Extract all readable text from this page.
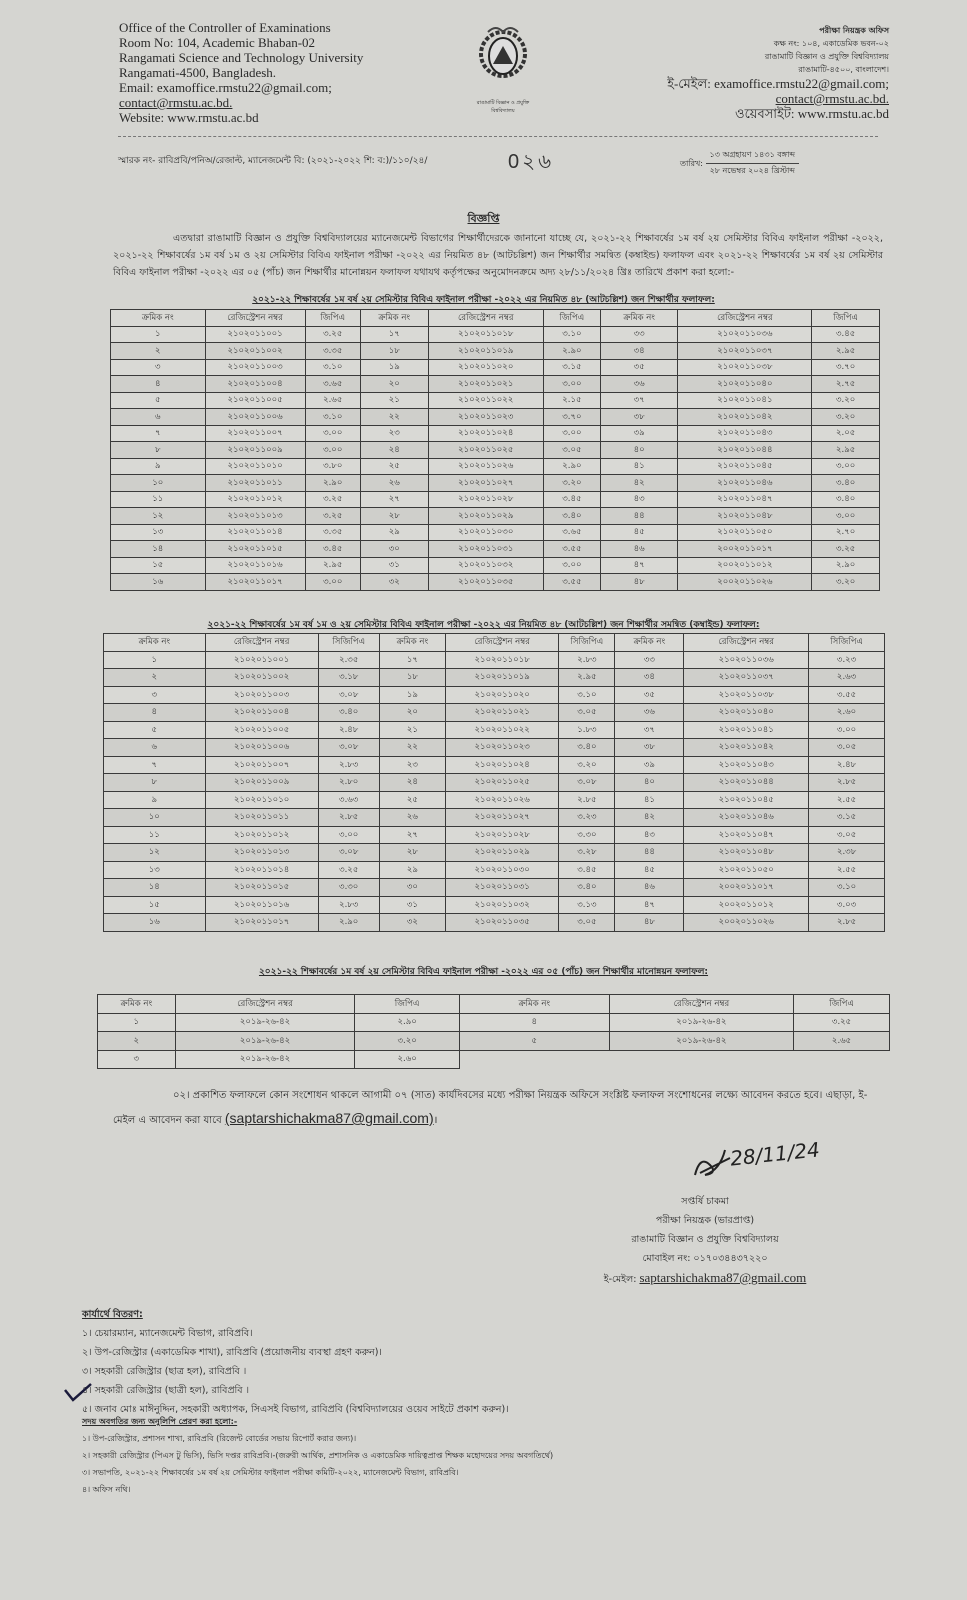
Office of the Controller of Examinations
Room No: 104, Academic Bhaban-02
Rangamati Science and Technology University
Rangamati-4500, Bangladesh.
Email: examoffice.rmstu22@gmail.com;
contact@rmstu.ac.bd.
Website: www.rmstu.ac.bd
রাঙামাটি বিজ্ঞান ও প্রযুক্তি বিশ্ববিদ্যালয়
পরীক্ষা নিয়ন্ত্রক অফিস
কক্ষ নং: ১০৪, একাডেমিক ভবন-০২
রাঙামাটি বিজ্ঞান ও প্রযুক্তি বিশ্ববিদ্যালয়
রাঙামাটি-৪৫০০, বাংলাদেশ।
ই-মেইল: examoffice.rmstu22@gmail.com;
contact@rmstu.ac.bd.
ওয়েবসাইট: www.rmstu.ac.bd
স্মারক নং- রাবিপ্রবি/পনিঅ/রেজাল্ট, ম্যানেজমেন্ট বি: (২০২১-২০২২ শি: ব:)/১১০/২৪/	0২৬	তারিখ: $\frac{\text{১৩ অগ্রহায়ণ ১৪৩১ বঙ্গাব্দ}}{\text{২৮ নভেম্বর ২০২৪ খ্রিস্টাব্দ}}$
বিজ্ঞপ্তি
এতদ্বারা রাঙামাটি বিজ্ঞান ও প্রযুক্তি বিশ্ববিদ্যালয়ের ম্যানেজমেন্ট বিভাগের শিক্ষার্থীদেরকে জানানো যাচ্ছে যে, ২০২১-২২ শিক্ষাবর্ষের ১ম বর্ষ ২য় সেমিস্টার বিবিএ ফাইনাল পরীক্ষা -২০২২, ২০২১-২২ শিক্ষাবর্ষের ১ম বর্ষ ১ম ও ২য় সেমিস্টার বিবিএ ফাইনাল পরীক্ষা -২০২২ এর নিয়মিত ৪৮ (আটচল্লিশ) জন শিক্ষার্থীর সমন্বিত (কম্বাইন্ড) ফলাফল এবং ২০২১-২২ শিক্ষাবর্ষের ১ম বর্ষ ২য় সেমিস্টার বিবিএ ফাইনাল পরীক্ষা -২০২২ এর ০৫ (পাঁচ) জন শিক্ষার্থীর মানোন্নয়ন ফলাফল যথাযথ কর্তৃপক্ষের অনুমোদনক্রমে অদ্য ২৮/১১/২০২৪ খ্রিঃ তারিখে প্রকাশ করা হলো:-
২০২১-২২ শিক্ষাবর্ষের ১ম বর্ষ ২য় সেমিস্টার বিবিএ ফাইনাল পরীক্ষা -২০২২ এর নিয়মিত ৪৮ (আটচল্লিশ) জন শিক্ষার্থীর ফলাফল:
ক্রমিক নং	রেজিস্ট্রেশন নম্বর	জিপিএ	ক্রমিক নং	রেজিস্ট্রেশন নম্বর	জিপিএ	ক্রমিক নং	রেজিস্ট্রেশন নম্বর	জিপিএ
১	২১০২০১১০০১	৩.২৫	১৭	২১০২০১১০১৮	৩.১০	৩৩	২১০২০১১০৩৬	৩.৪৫
২	২১০২০১১০০২	৩.৩৫	১৮	২১০২০১১০১৯	২.৯০	৩৪	২১০২০১১০৩৭	২.৯৫
৩	২১০২০১১০০৩	৩.১০	১৯	২১০২০১১০২০	৩.১৫	৩৫	২১০২০১১০৩৮	৩.৭০
৪	২১০২০১১০০৪	৩.৬৫	২০	২১০২০১১০২১	৩.০০	৩৬	২১০২০১১০৪০	২.৭৫
৫	২১০২০১১০০৫	২.৬৫	২১	২১০২০১১০২২	২.১৫	৩৭	২১০২০১১০৪১	৩.২০
৬	২১০২০১১০০৬	৩.১০	২২	২১০২০১১০২৩	৩.৭০	৩৮	২১০২০১১০৪২	৩.২০
৭	২১০২০১১০০৭	৩.০০	২৩	২১০২০১১০২৪	৩.০০	৩৯	২১০২০১১০৪৩	২.০৫
৮	২১০২০১১০০৯	৩.০০	২৪	২১০২০১১০২৫	৩.০৫	৪০	২১০২০১১০৪৪	২.৯৫
৯	২১০২০১১০১০	৩.৮০	২৫	২১০২০১১০২৬	২.৯০	৪১	২১০২০১১০৪৫	৩.০০
১০	২১০২০১১০১১	২.৯০	২৬	২১০২০১১০২৭	৩.২০	৪২	২১০২০১১০৪৬	৩.৪০
১১	২১০২০১১০১২	৩.২৫	২৭	২১০২০১১০২৮	৩.৪৫	৪৩	২১০২০১১০৪৭	৩.৪০
১২	২১০২০১১০১৩	৩.২৫	২৮	২১০২০১১০২৯	৩.৪০	৪৪	২১০২০১১০৪৮	৩.০০
১৩	২১০২০১১০১৪	৩.৩৫	২৯	২১০২০১১০৩০	৩.৬৫	৪৫	২১০২০১১০৫০	২.৭০
১৪	২১০২০১১০১৫	৩.৪৫	৩০	২১০২০১১০৩১	৩.৫৫	৪৬	২০০২০১১০১৭	৩.২৫
১৫	২১০২০১১০১৬	২.৯৫	৩১	২১০২০১১০৩২	৩.০০	৪৭	২০০২০১১০১২	২.৯০
১৬	২১০২০১১০১৭	৩.০০	৩২	২১০২০১১০৩৫	৩.৫৫	৪৮	২০০২০১১০২৬	৩.২০
২০২১-২২ শিক্ষাবর্ষের ১ম বর্ষ ১ম ও ২য় সেমিস্টার বিবিএ ফাইনাল পরীক্ষা -২০২২ এর নিয়মিত ৪৮ (আটচল্লিশ) জন শিক্ষার্থীর সমন্বিত (কম্বাইন্ড) ফলাফল:
ক্রমিক নং	রেজিস্ট্রেশন নম্বর	সিজিপিএ	ক্রমিক নং	রেজিস্ট্রেশন নম্বর	সিজিপিএ	ক্রমিক নং	রেজিস্ট্রেশন নম্বর	সিজিপিএ
১	২১০২০১১০০১	২.৩৫	১৭	২১০২০১১০১৮	২.৮৩	৩৩	২১০২০১১০৩৬	৩.২৩
২	২১০২০১১০০২	৩.১৮	১৮	২১০২০১১০১৯	২.৯৫	৩৪	২১০২০১১০৩৭	২.৬৩
৩	২১০২০১১০০৩	৩.০৮	১৯	২১০২০১১০২০	৩.১০	৩৫	২১০২০১১০৩৮	৩.৫৫
৪	২১০২০১১০০৪	৩.৪০	২০	২১০২০১১০২১	৩.০৫	৩৬	২১০২০১১০৪০	২.৬০
৫	২১০২০১১০০৫	২.৪৮	২১	২১০২০১১০২২	১.৮৩	৩৭	২১০২০১১০৪১	৩.০০
৬	২১০২০১১০০৬	৩.০৮	২২	২১০২০১১০২৩	৩.৪০	৩৮	২১০২০১১০৪২	৩.০৫
৭	২১০২০১১০০৭	২.৮৩	২৩	২১০২০১১০২৪	৩.২০	৩৯	২১০২০১১০৪৩	২.৪৮
৮	২১০২০১১০০৯	২.৮০	২৪	২১০২০১১০২৫	৩.০৮	৪০	২১০২০১১০৪৪	২.৮৫
৯	২১০২০১১০১০	৩.৬৩	২৫	২১০২০১১০২৬	২.৮৫	৪১	২১০২০১১০৪৫	২.৫৫
১০	২১০২০১১০১১	২.৮৫	২৬	২১০২০১১০২৭	৩.২৩	৪২	২১০২০১১০৪৬	৩.১৫
১১	২১০২০১১০১২	৩.০০	২৭	২১০২০১১০২৮	৩.৩০	৪৩	২১০২০১১০৪৭	৩.০৫
১২	২১০২০১১০১৩	৩.০৮	২৮	২১০২০১১০২৯	৩.২৮	৪৪	২১০২০১১০৪৮	২.৩৮
১৩	২১০২০১১০১৪	৩.২৫	২৯	২১০২০১১০৩০	৩.৪৫	৪৫	২১০২০১১০৫০	২.৫৫
১৪	২১০২০১১০১৫	৩.৩০	৩০	২১০২০১১০৩১	৩.৪০	৪৬	২০০২০১১০১৭	৩.১০
১৫	২১০২০১১০১৬	২.৮৩	৩১	২১০২০১১০৩২	৩.১৩	৪৭	২০০২০১১০১২	৩.০৩
১৬	২১০২০১১০১৭	২.৯০	৩২	২১০২০১১০৩৫	৩.০৫	৪৮	২০০২০১১০২৬	২.৮৫
২০২১-২২ শিক্ষাবর্ষের ১ম বর্ষ ২য় সেমিস্টার বিবিএ ফাইনাল পরীক্ষা -২০২২ এর ০৫ (পাঁচ) জন শিক্ষার্থীর মানোন্নয়ন ফলাফল:
ক্রমিক নং	রেজিস্ট্রেশন নম্বর	জিপিএ	ক্রমিক নং	রেজিস্ট্রেশন নম্বর	জিপিএ
১	২০১৯-২৬-৪২	২.৯০	৪	২০১৯-২৬-৪২	৩.২৫
২	২০১৯-২৬-৪২	৩.২০	৫	২০১৯-২৬-৪২	২.৬৫
৩	২০১৯-২৬-৪২	২.৬০			
০২। প্রকাশিত ফলাফলে কোন সংশোধন থাকলে আগামী ০৭ (সাত) কার্যদিবসের মধ্যে পরীক্ষা নিয়ন্ত্রক অফিসে সংশ্লিষ্ট ফলাফল সংশোধনের লক্ষ্যে আবেদন করতে হবে। এছাড়া, ই-মেইল এ আবেদন করা যাবে (saptarshichakma87@gmail.com)।
28/11/24
সপ্তর্ষি চাকমা
পরীক্ষা নিয়ন্ত্রক (ভারপ্রাপ্ত)
রাঙামাটি বিজ্ঞান ও প্রযুক্তি বিশ্ববিদ্যালয়
মোবাইল নং: ০১৭০৩৪৪৩৭২২০
ই-মেইল: saptarshichakma87@gmail.com
কার্যার্থে বিতরণ:
১। চেয়ারম্যান, ম্যানেজমেন্ট বিভাগ, রাবিপ্রবি।
২। উপ-রেজিস্ট্রার (একাডেমিক শাখা), রাবিপ্রবি (প্রয়োজনীয় ব্যবস্থা গ্রহণ করুন)।
৩। সহকারী রেজিস্ট্রার (ছাত্র হল), রাবিপ্রবি ।
৪। সহকারী রেজিস্ট্রার (ছাত্রী হল), রাবিপ্রবি ।
৫। জনাব মোঃ মাঈনুদ্দিন, সহকারী অধ্যাপক, সিএসই বিভাগ, রাবিপ্রবি (বিশ্ববিদ্যালয়ের ওয়েব সাইটে প্রকাশ করুন)।
সদয় অবগতির জন্য অনুলিপি প্রেরণ করা হলো:-
১। উপ-রেজিস্ট্রার, প্রশাসন শাখা, রাবিপ্রবি (রিজেন্ট বোর্ডের সভায় রিপোর্ট করার জন্য)।
২। সহকারী রেজিস্ট্রার (পিএস টু ভিসি), ভিসি দপ্তর রাবিপ্রবি।-(জরুরী আর্থিক, প্রশাসনিক ও একাডেমিক দায়িত্বপ্রাপ্ত শিক্ষক মহোদয়ের সদয় অবগতির্থে)
৩। সভাপতি, ২০২১-২২ শিক্ষাবর্ষের ১ম বর্ষ ২য় সেমিস্টার ফাইনাল পরীক্ষা কমিটি-২০২২, ম্যানেজমেন্ট বিভাগ, রাবিপ্রবি।
৪। অফিস নথি।
